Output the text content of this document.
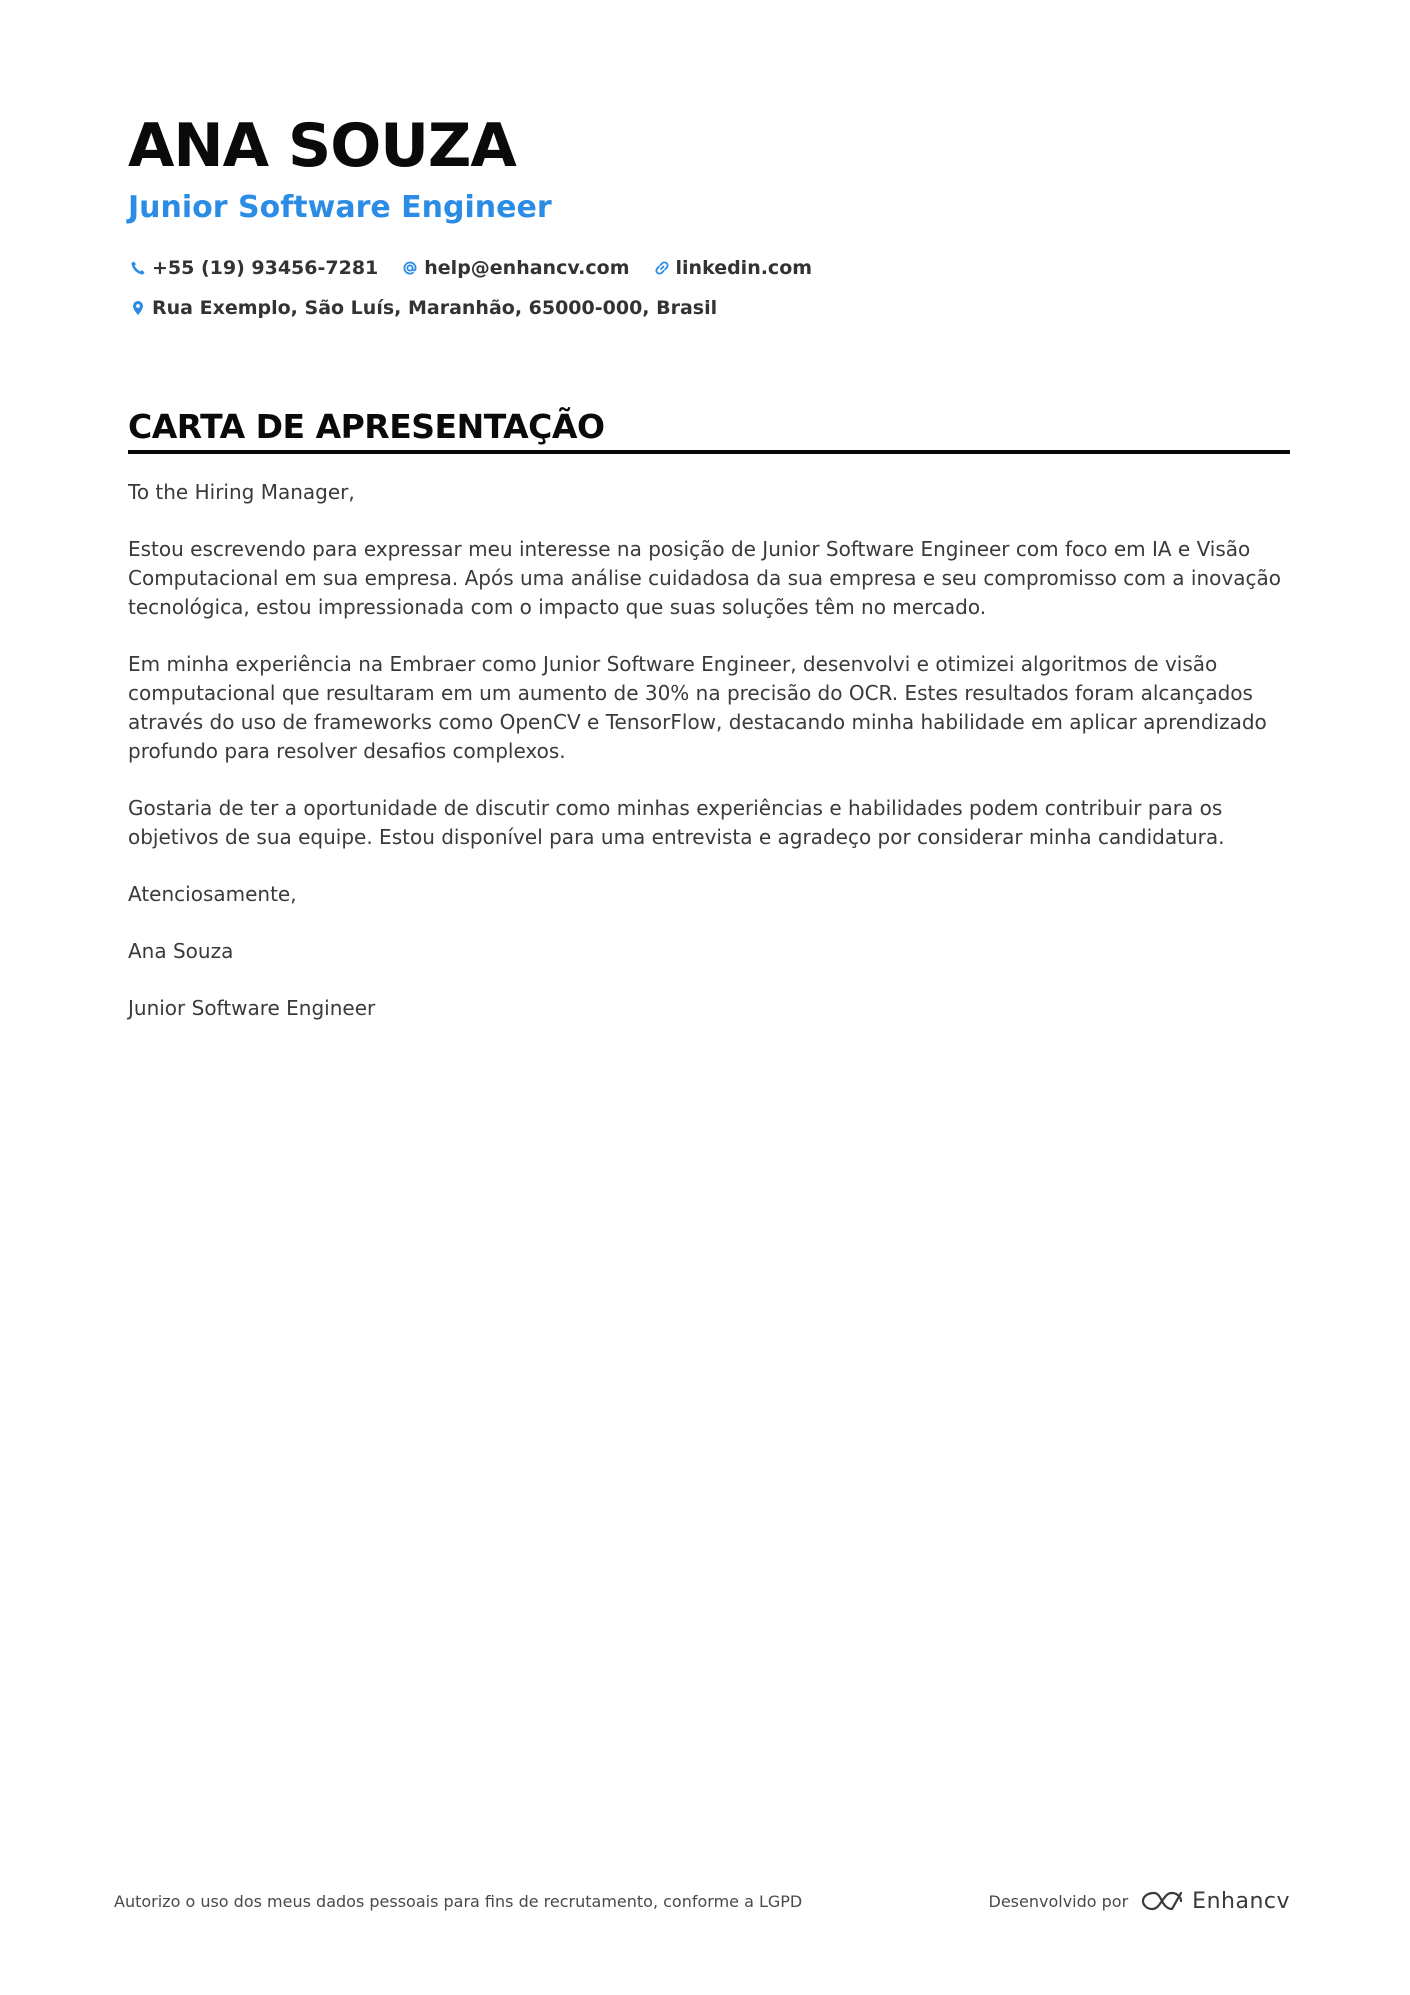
ANA SOUZA
Junior Software Engineer
+55 (19) 93456-7281 help@enhancv.com linkedin.com
Rua Exemplo, São Luís, Maranhão, 65000-000, Brasil
CARTA DE APRESENTAÇÃO

To the Hiring Manager,

Estou escrevendo para expressar meu interesse na posição de Junior Software Engineer com foco em IA e Visão Computacional em sua empresa. Após uma análise cuidadosa da sua empresa e seu compromisso com a inovação tecnológica, estou impressionada com o impacto que suas soluções têm no mercado.

Em minha experiência na Embraer como Junior Software Engineer, desenvolvi e otimizei algoritmos de visão computacional que resultaram em um aumento de 30% na precisão do OCR. Estes resultados foram alcançados através do uso de frameworks como OpenCV e TensorFlow, destacando minha habilidade em aplicar aprendizado profundo para resolver desafios complexos.

Gostaria de ter a oportunidade de discutir como minhas experiências e habilidades podem contribuir para os objetivos de sua equipe. Estou disponível para uma entrevista e agradeço por considerar minha candidatura.

Atenciosamente,

Ana Souza

Junior Software Engineer

Autorizo o uso dos meus dados pessoais para fins de recrutamento, conforme a LGPD	Desenvolvido por	Enhancv
